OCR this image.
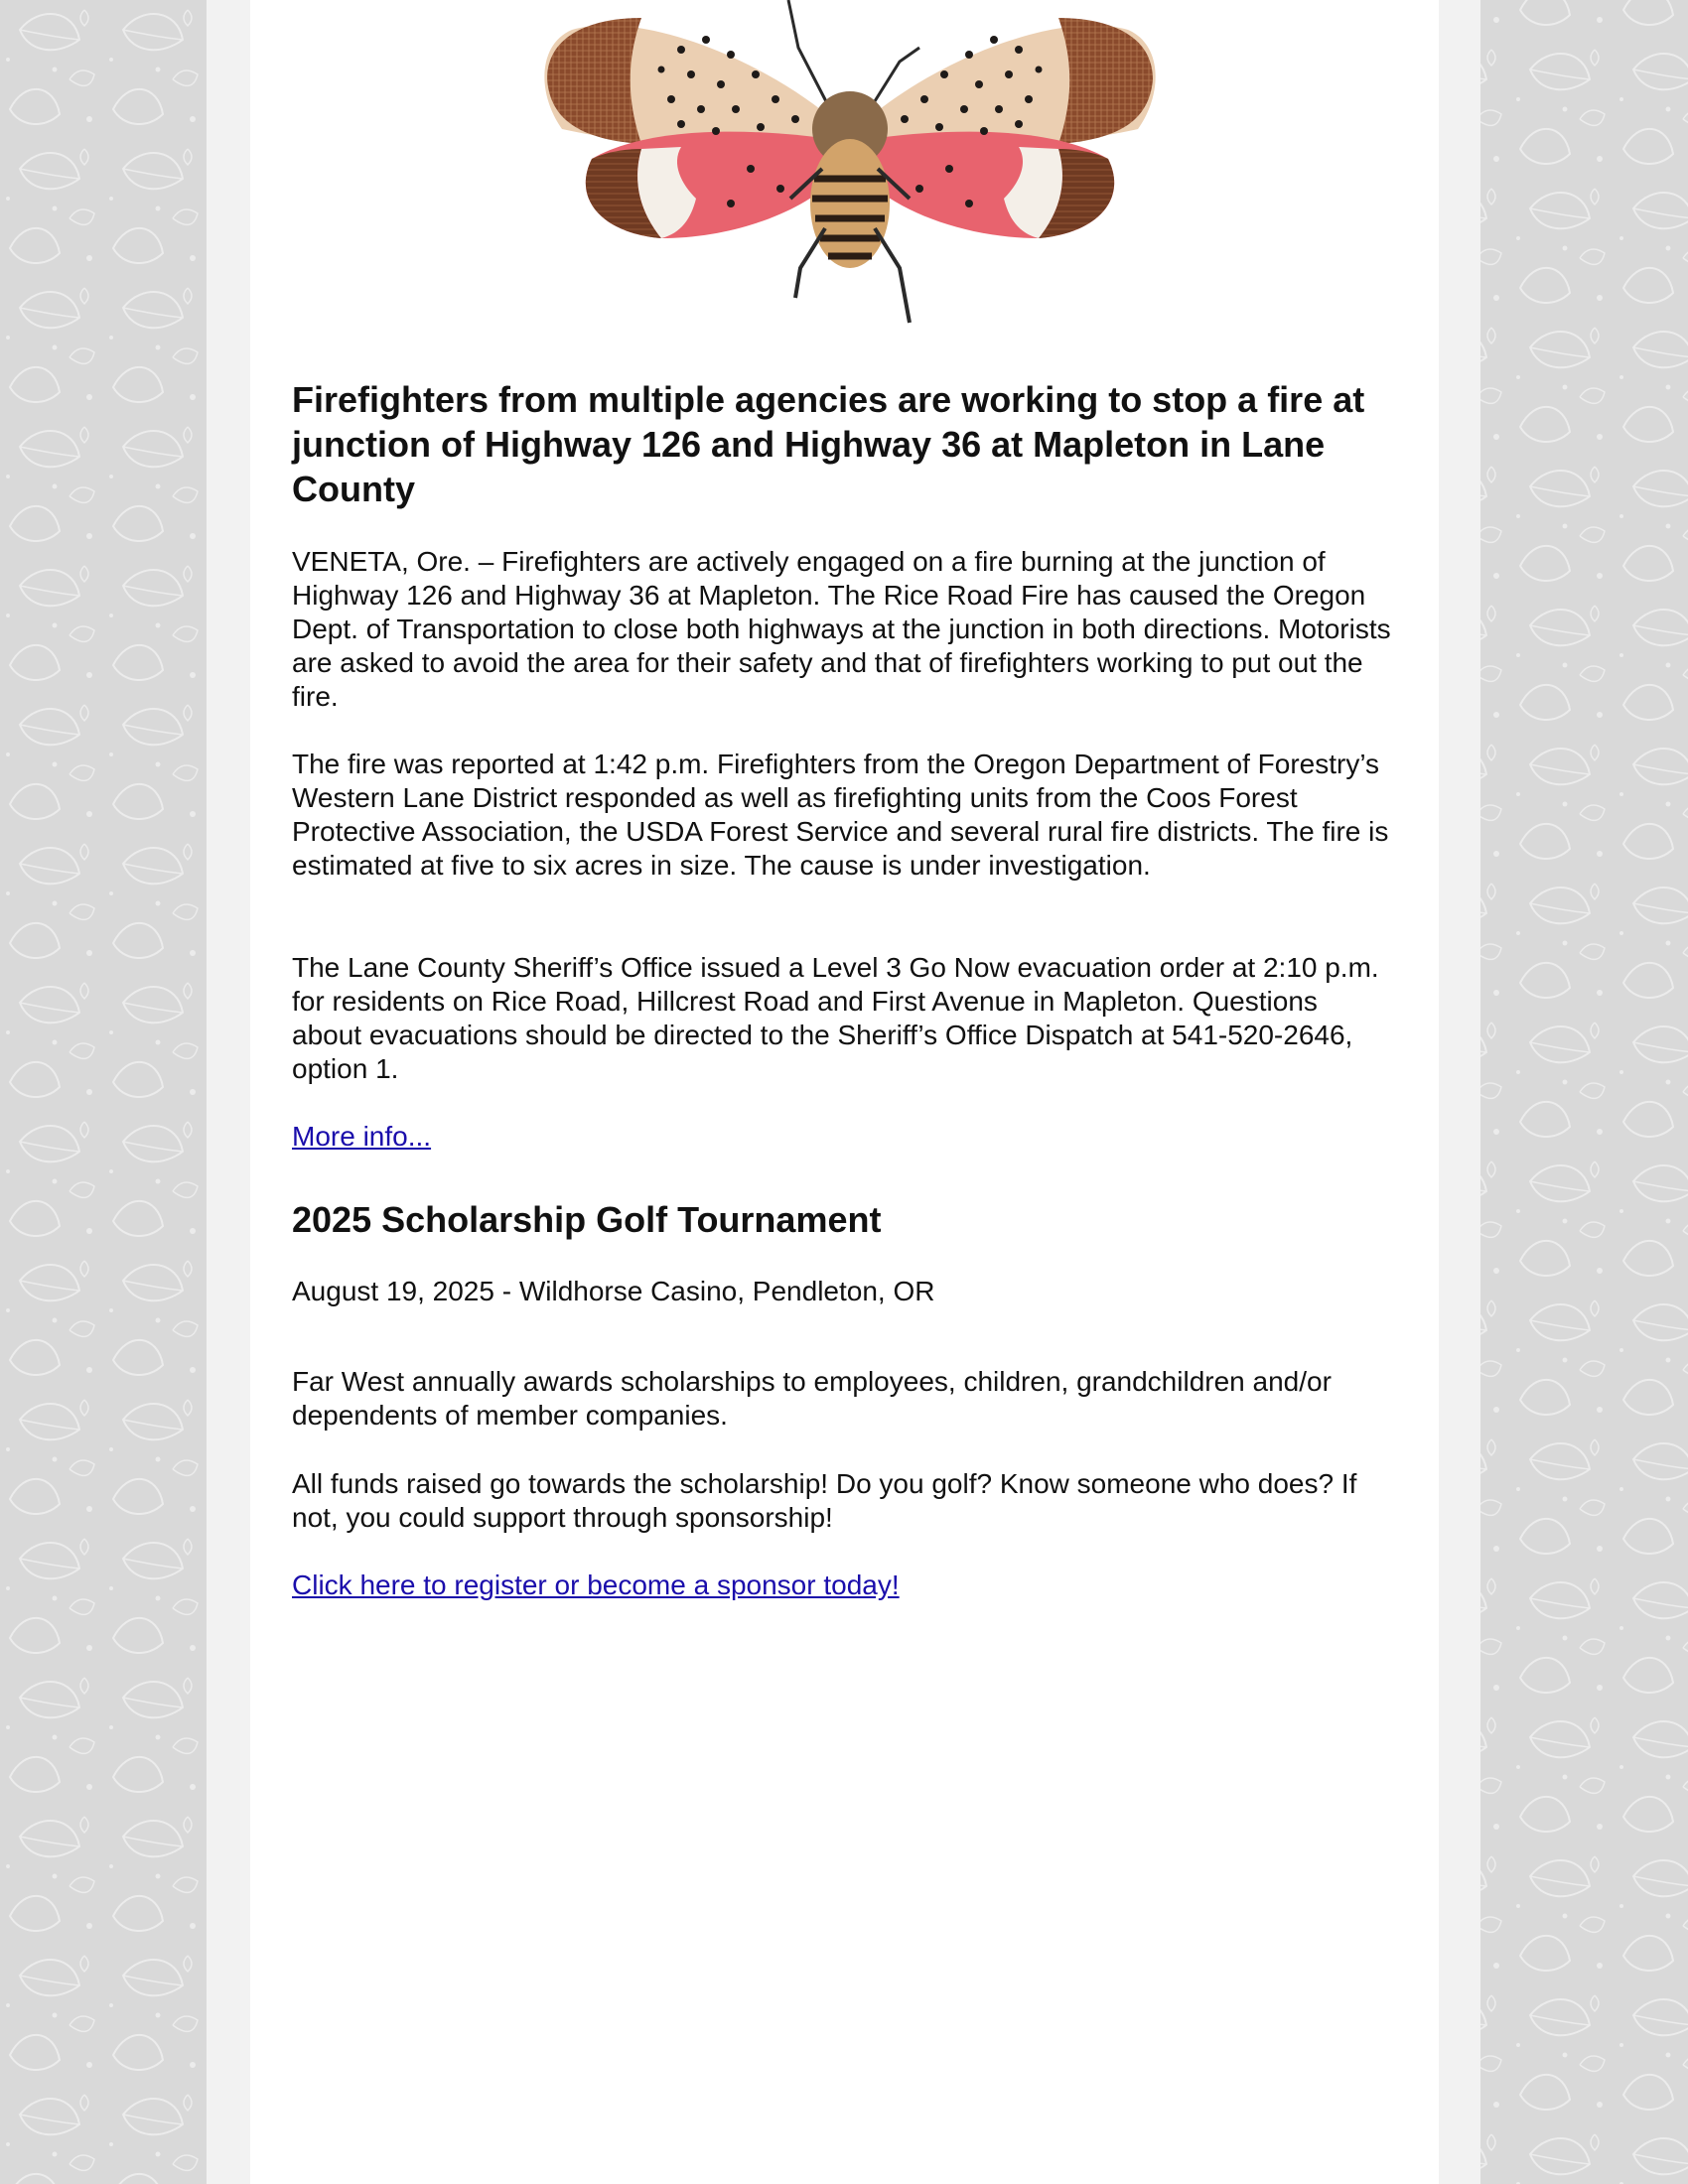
Firefighters from multiple agencies are working to stop a fire at junction of Highway 126 and Highway 36 at Mapleton in Lane County

VENETA, Ore. – Firefighters are actively engaged on a fire burning at the junction of Highway 126 and Highway 36 at Mapleton. The Rice Road Fire has caused the Oregon Dept. of Transportation to close both highways at the junction in both directions. Motorists are asked to avoid the area for their safety and that of firefighters working to put out the fire.

The fire was reported at 1:42 p.m. Firefighters from the Oregon Department of Forestry’s Western Lane District responded as well as firefighting units from the Coos Forest Protective Association, the USDA Forest Service and several rural fire districts. The fire is estimated at five to six acres in size. The cause is under investigation.

The Lane County Sheriff’s Office issued a Level 3 Go Now evacuation order at 2:10 p.m. for residents on Rice Road, Hillcrest Road and First Avenue in Mapleton. Questions about evacuations should be directed to the Sheriff’s Office Dispatch at 541-520-2646, option 1.

More info...
2025 Scholarship Golf Tournament

August 19, 2025 - Wildhorse Casino, Pendleton, OR

Far West annually awards scholarships to employees, children, grandchildren and/or dependents of member companies.

All funds raised go towards the scholarship! Do you golf? Know someone who does? If not, you could support through sponsorship!

Click here to register or become a sponsor today!
